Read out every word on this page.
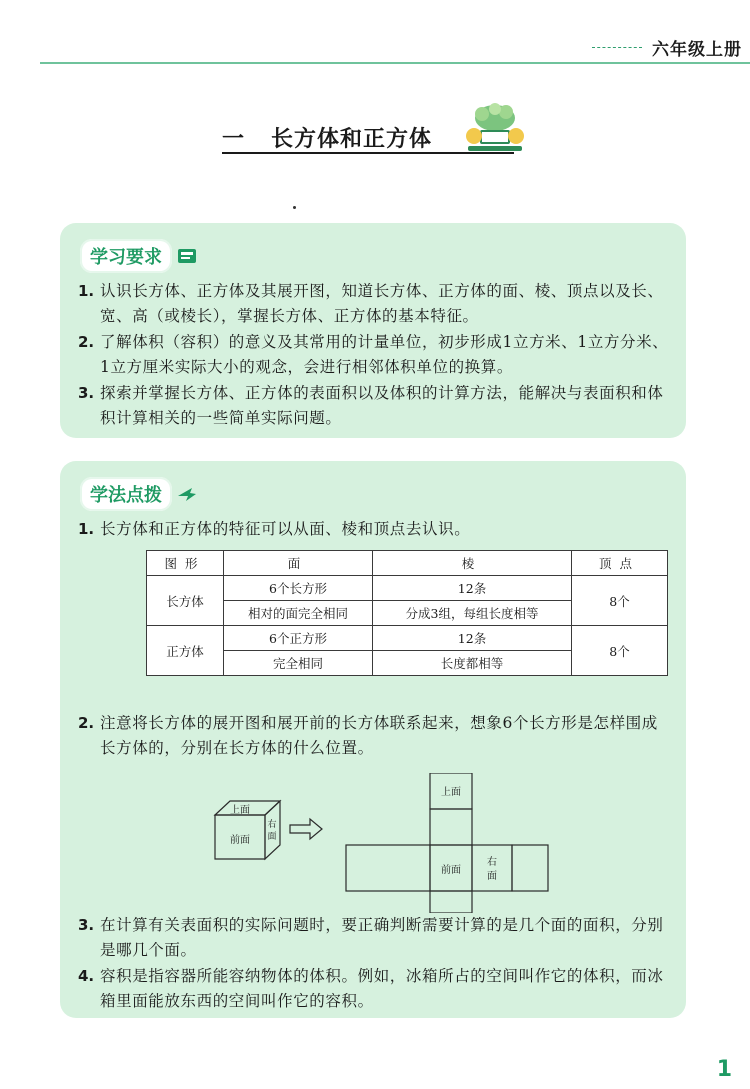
六年级上册
一 长方体和正方体
学习要求
1. 认识长方体、正方体及其展开图，知道长方体、正方体的面、棱、顶点以及长、宽、高（或棱长），掌握长方体、正方体的基本特征。
2. 了解体积（容积）的意义及其常用的计量单位，初步形成1立方米、1立方分米、1立方厘米实际大小的观念，会进行相邻体积单位的换算。
3. 探索并掌握长方体、正方体的表面积以及体积的计算方法，能解决与表面积和体积计算相关的一些简单实际问题。
学法点拨
1. 长方体和正方体的特征可以从面、棱和顶点去认识。
图形	面	棱	顶点
长方体	6个长方形	12条	8个
	相对的面完全相同	分成3组，每组长度相等	
正方体	6个正方形	12条	8个
	完全相同	长度都相等	
2. 注意将长方体的展开图和展开前的长方体联系起来，想象6个长方形是怎样围成长方体的，分别在长方体的什么位置。
上面
前面
右
面
上面
前面
右
面
3. 在计算有关表面积的实际问题时，要正确判断需要计算的是几个面的面积，分别是哪几个面。
4. 容积是指容器所能容纳物体的体积。例如，冰箱所占的空间叫作它的体积，而冰箱里面能放东西的空间叫作它的容积。
1
